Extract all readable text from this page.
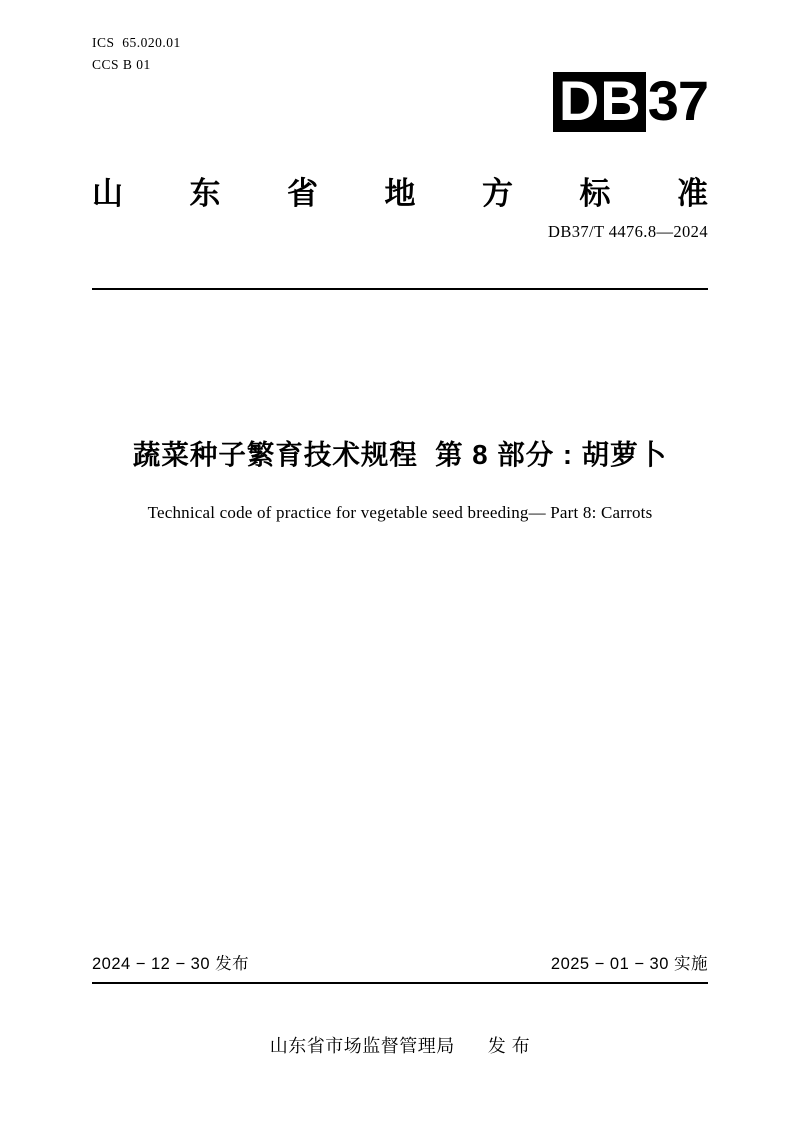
ICS  65.020.01
CCS B 01
DB 37
山 东 省 地 方 标 准
DB37/T 4476.8—2024
蔬菜种子繁育技术规程  第 8 部分 : 胡萝卜
Technical code of practice for vegetable seed breeding— Part 8: Carrots
2024 − 12 − 30 发布	2025 − 01 − 30 实施
山东省市场监督管理局      发 布
